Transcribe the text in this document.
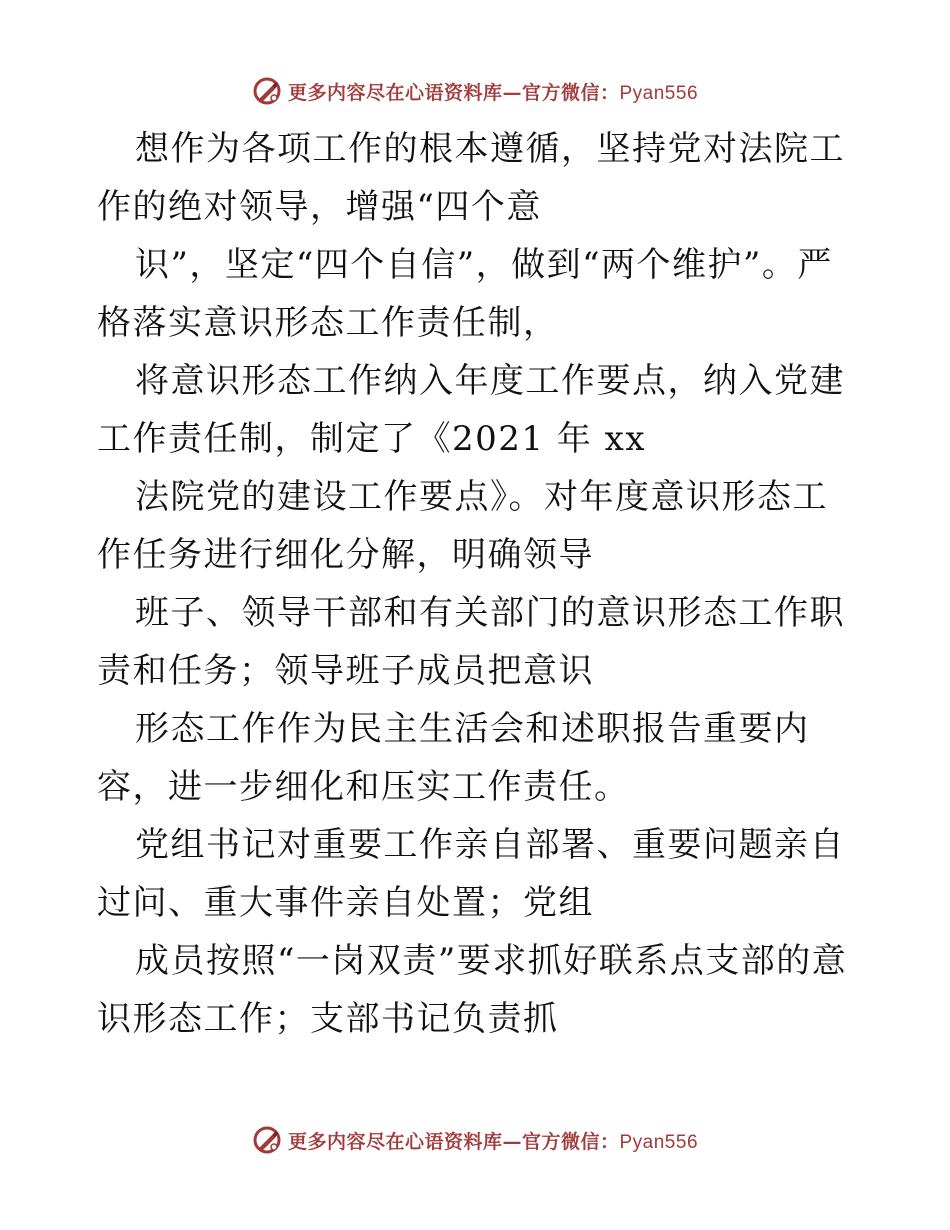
更多内容尽在心语资料库—官方微信：Pyan556

想作为各项工作的根本遵循，坚持党对法院工作的绝对领导，增强“四个意

识”，坚定“四个自信”，做到“两个维护”。严格落实意识形态工作责任制，

将意识形态工作纳入年度工作要点，纳入党建工作责任制，制定了《2021 年 xx

法院党的建设工作要点》。对年度意识形态工作任务进行细化分解，明确领导

班子、领导干部和有关部门的意识形态工作职责和任务；领导班子成员把意识

形态工作作为民主生活会和述职报告重要内容，进一步细化和压实工作责任。

党组书记对重要工作亲自部署、重要问题亲自过问、重大事件亲自处置；党组

成员按照“一岗双责”要求抓好联系点支部的意识形态工作；支部书记负责抓

更多内容尽在心语资料库—官方微信：Pyan556
